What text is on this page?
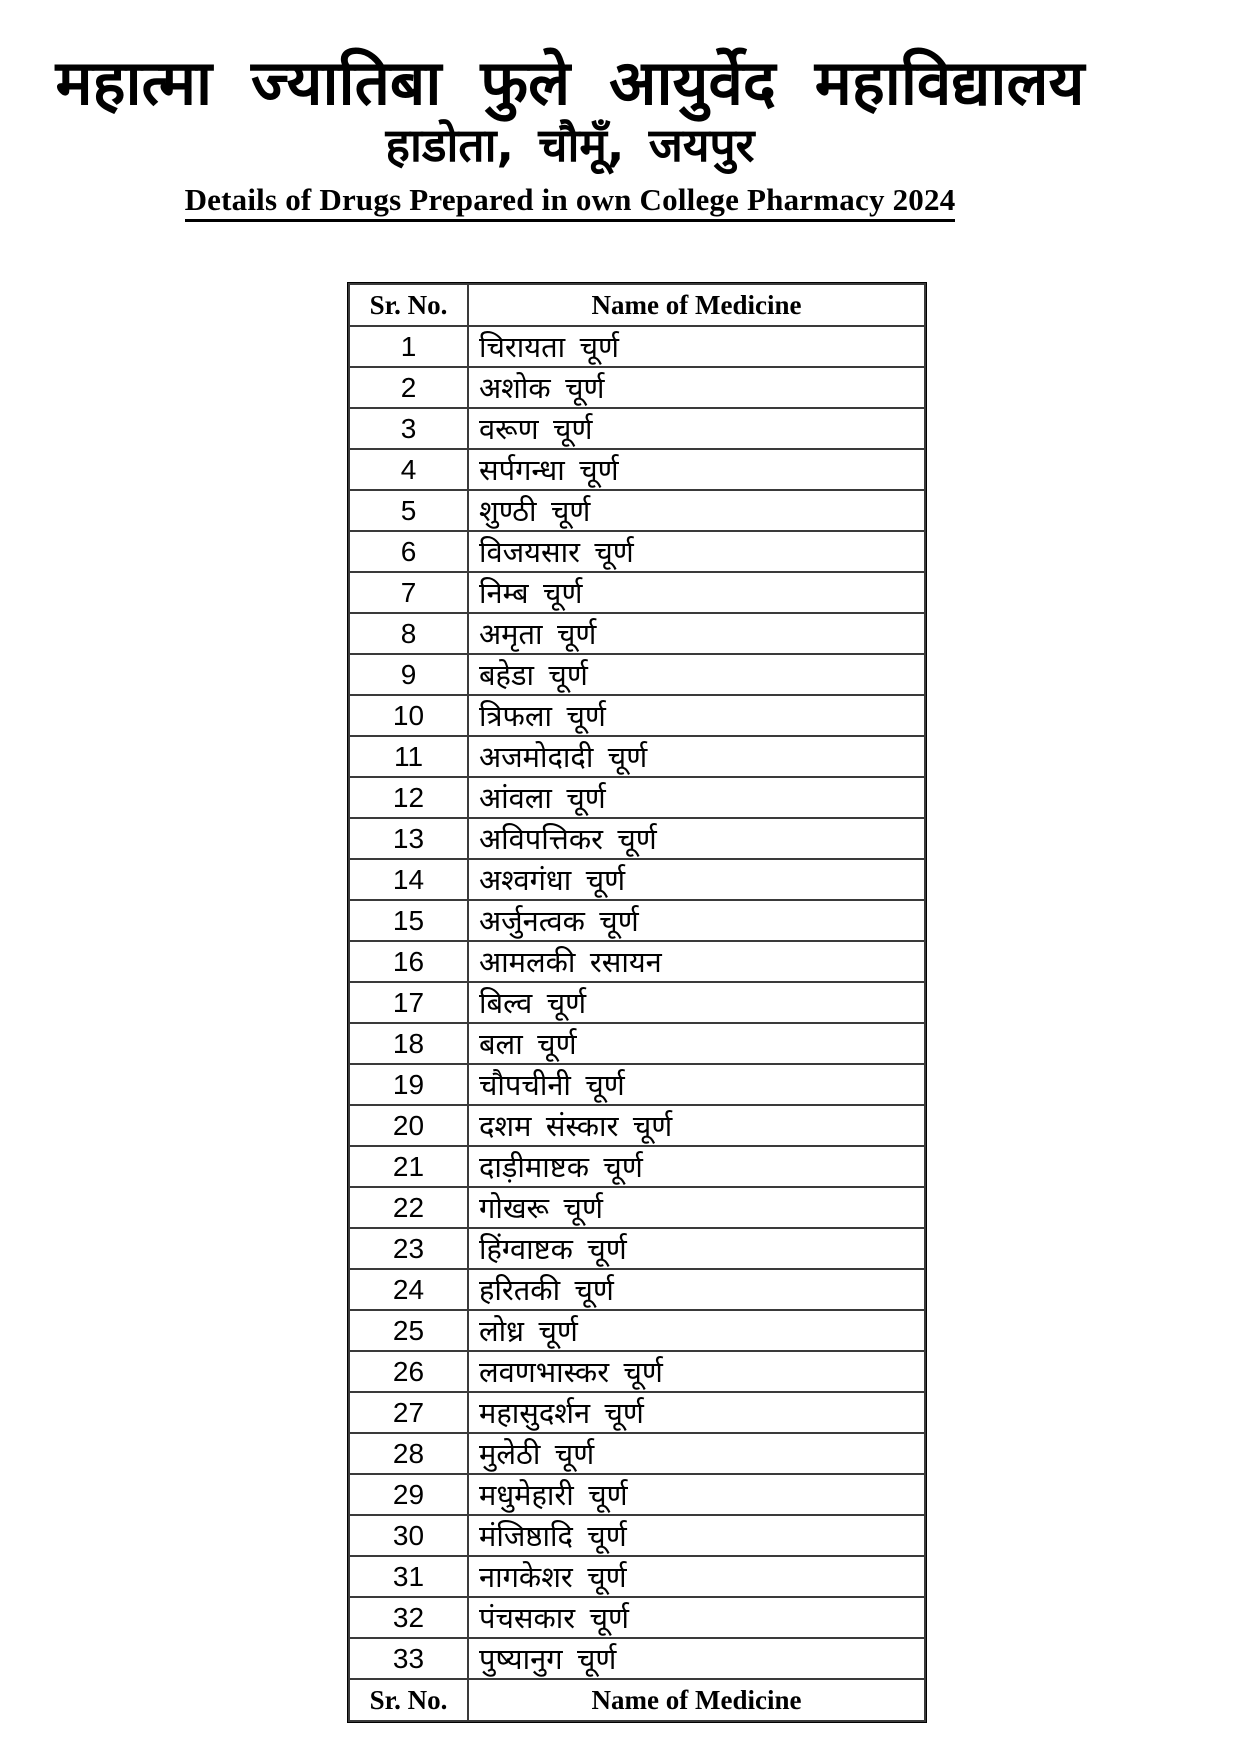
महात्मा ज्यातिबा फुले आयुर्वेद महाविद्यालय
हाडोता, चौमूँ, जयपुर
Details of Drugs Prepared in own College Pharmacy 2024
Sr. No.	Name of Medicine
1	चिरायता चूर्ण
2	अशोक चूर्ण
3	वरूण चूर्ण
4	सर्पगन्धा चूर्ण
5	शुण्ठी चूर्ण
6	विजयसार चूर्ण
7	निम्ब चूर्ण
8	अमृता चूर्ण
9	बहेडा चूर्ण
10	त्रिफला चूर्ण
11	अजमोदादी चूर्ण
12	आंवला चूर्ण
13	अविपत्तिकर चूर्ण
14	अश्वगंधा चूर्ण
15	अर्जुनत्वक चूर्ण
16	आमलकी रसायन
17	बिल्व चूर्ण
18	बला चूर्ण
19	चौपचीनी चूर्ण
20	दशम संस्कार चूर्ण
21	दाड़ीमाष्टक चूर्ण
22	गोखरू चूर्ण
23	हिंग्वाष्टक चूर्ण
24	हरितकी चूर्ण
25	लोध्र चूर्ण
26	लवणभास्कर चूर्ण
27	महासुदर्शन चूर्ण
28	मुलेठी चूर्ण
29	मधुमेहारी चूर्ण
30	मंजिष्ठादि चूर्ण
31	नागकेशर चूर्ण
32	पंचसकार चूर्ण
33	पुष्यानुग चूर्ण
Sr. No.	Name of Medicine
